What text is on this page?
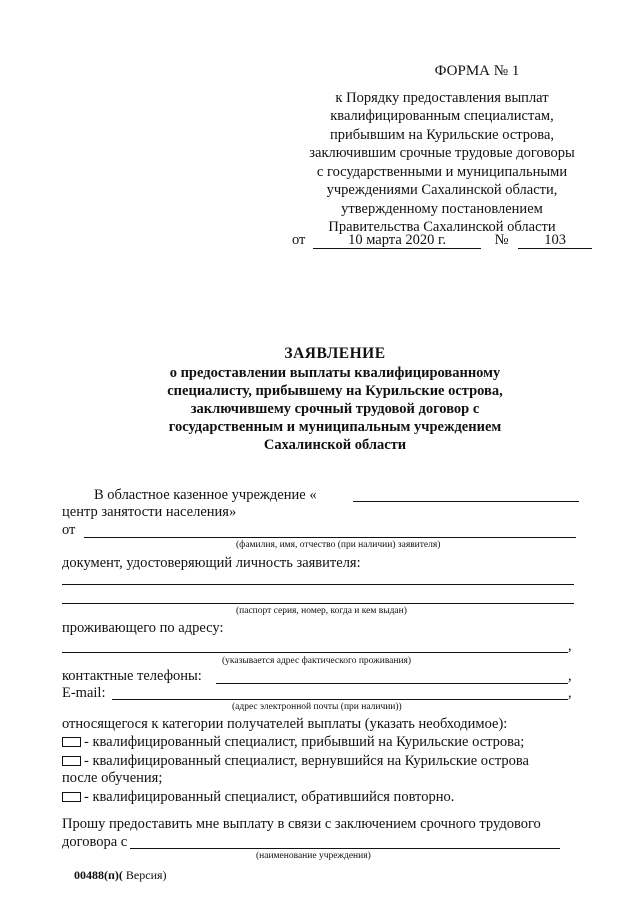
ФОРМА № 1
к Порядку предоставления выплат
квалифицированным специалистам,
прибывшим на Курильские острова,
заключившим срочные трудовые договоры
с государственными и муниципальными
учреждениями Сахалинской области,
утвержденному постановлением
Правительства Сахалинской области
от	10 марта 2020 г.	№ 103
ЗАЯВЛЕНИЕ
о предоставлении выплаты квалифицированному
специалисту, прибывшему на Курильские острова,
заключившему срочный трудовой договор с
государственным и муниципальным учреждением
Сахалинской области
В областное казенное учреждение «
центр занятости населения»
от
(фамилия, имя, отчество (при наличии) заявителя)
документ, удостоверяющий личность заявителя:
(паспорт серия, номер, когда и кем выдан)
проживающего по адресу:
,
(указывается адрес фактического проживания)
контактные телефоны:	,
E-mail:	,
(адрес электронной почты (при наличии))
относящегося к категории получателей выплаты (указать необходимое):
- квалифицированный специалист, прибывший на Курильские острова;
- квалифицированный специалист, вернувшийся на Курильские острова
после обучения;
- квалифицированный специалист, обратившийся повторно.
Прошу предоставить мне выплату в связи с заключением срочного трудового
договора с
(наименование учреждения)
00488(п)( Версия)
